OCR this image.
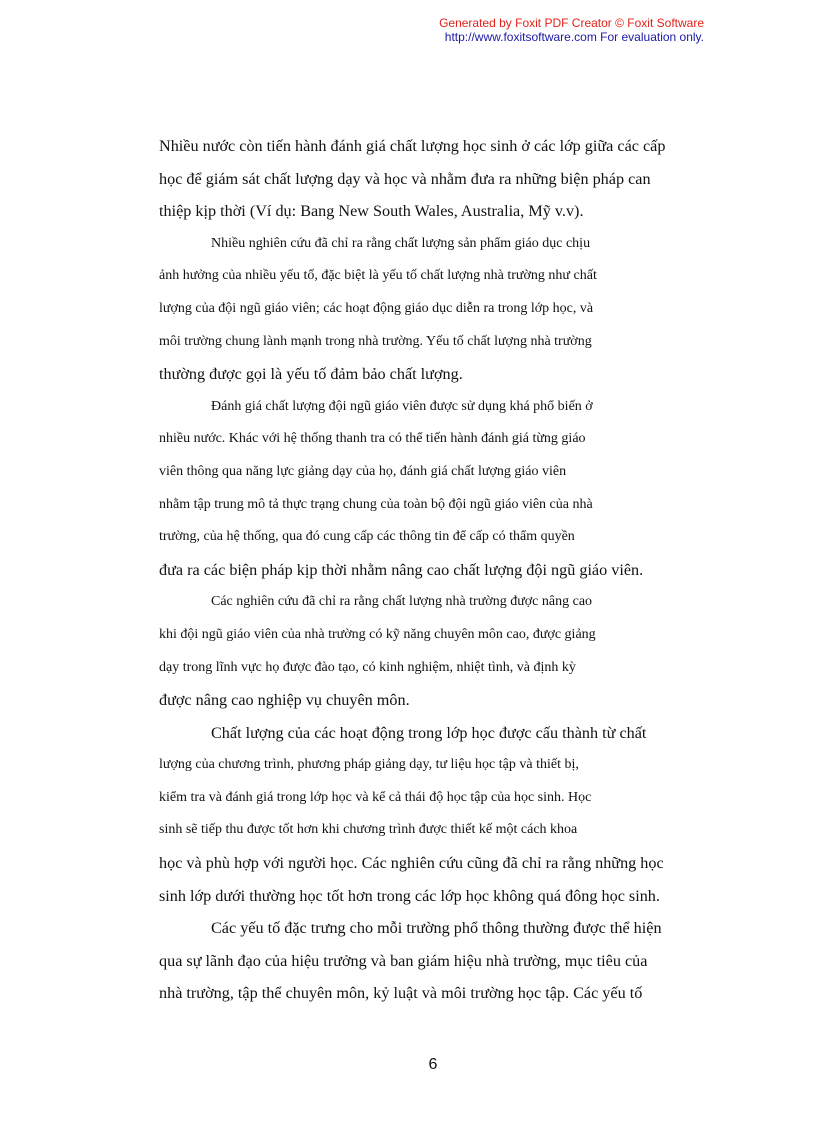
Generated by Foxit PDF Creator © Foxit Software
http://www.foxitsoftware.com For evaluation only.
Nhiều nước còn tiến hành đánh giá chất lượng học sinh ở các lớp giữa các cấp
học để giám sát chất lượng dạy và học và nhằm đưa ra những biện pháp can
thiệp kịp thời (Ví dụ: Bang New South Wales, Australia, Mỹ v.v).
Nhiều nghiên cứu đã chỉ ra rằng chất lượng sản phẩm giáo dục chịu
ảnh hưởng của nhiều yếu tố, đặc biệt là yếu tố chất lượng nhà trường như chất
lượng của đội ngũ giáo viên; các hoạt động giáo dục diễn ra trong lớp học, và
môi trường chung lành mạnh trong nhà trường. Yếu tố chất lượng nhà trường
thường được gọi là yếu tố đảm bảo chất lượng.
Đánh giá chất lượng đội ngũ giáo viên được sử dụng khá phổ biến ở
nhiều nước. Khác với hệ thống thanh tra có thể tiến hành đánh giá từng giáo
viên thông qua năng lực giảng dạy của họ, đánh giá chất lượng giáo viên
nhằm tập trung mô tả thực trạng chung của toàn bộ đội ngũ giáo viên của nhà
trường, của hệ thống, qua đó cung cấp các thông tin để cấp có thẩm quyền
đưa ra các biện pháp kịp thời nhằm nâng cao chất lượng đội ngũ giáo viên.
Các nghiên cứu đã chỉ ra rằng chất lượng nhà trường được nâng cao
khi đội ngũ giáo viên của nhà trường có kỹ năng chuyên môn cao, được giảng
dạy trong lĩnh vực họ được đào tạo, có kinh nghiệm, nhiệt tình, và định kỳ
được nâng cao nghiệp vụ chuyên môn.
Chất lượng của các hoạt động trong lớp học được cấu thành từ chất
lượng của chương trình, phương pháp giảng dạy, tư liệu học tập và thiết bị,
kiểm tra và đánh giá trong lớp học và kể cả thái độ học tập của học sinh. Học
sinh sẽ tiếp thu được tốt hơn khi chương trình được thiết kế một cách khoa
học và phù hợp với người học. Các nghiên cứu cũng đã chỉ ra rằng những học
sinh lớp dưới thường học tốt hơn trong các lớp học không quá đông học sinh.
Các yếu tố đặc trưng cho mỗi trường phổ thông thường được thể hiện
qua sự lãnh đạo của hiệu trưởng và ban giám hiệu nhà trường, mục tiêu của
nhà trường, tập thể chuyên môn, kỷ luật và môi trường học tập. Các yếu tố
6
